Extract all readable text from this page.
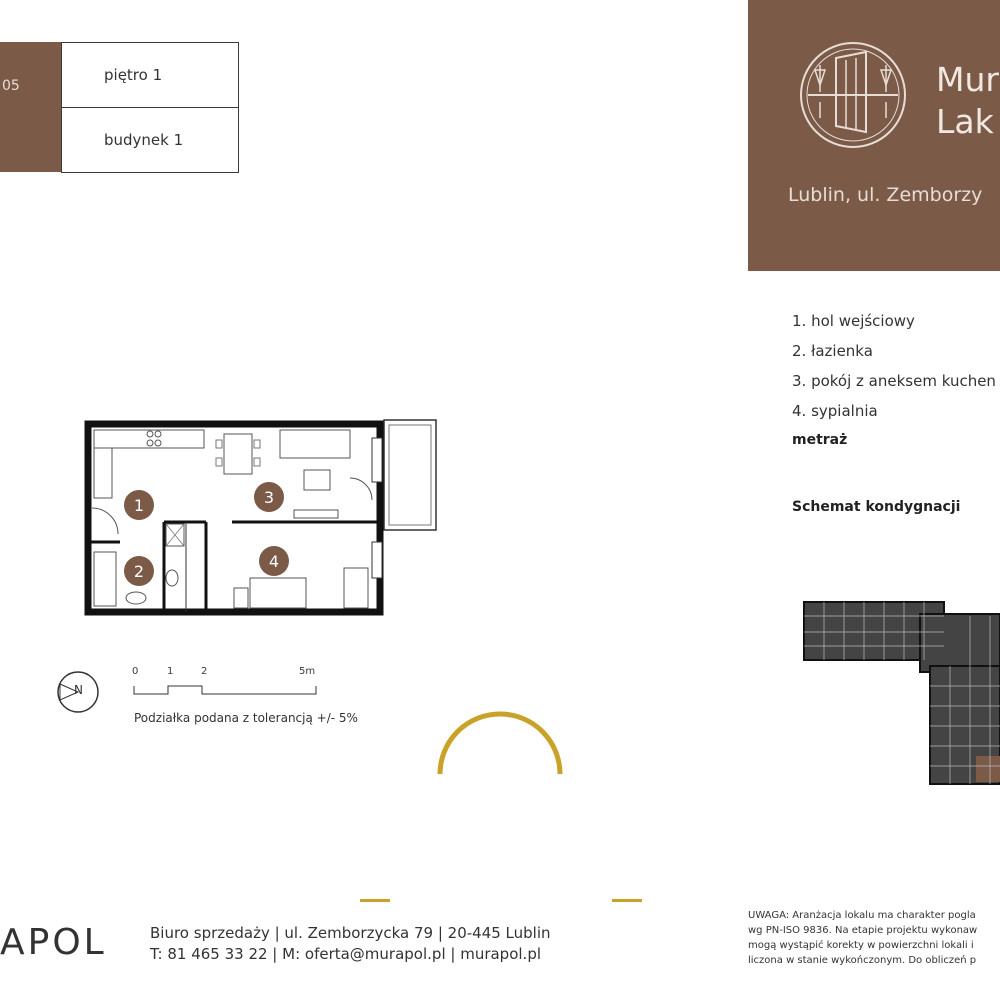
05
piętro 1
budynek 1
Mur
Lak
Lublin, ul. Zemborzy
1. hol wejściowy
2. łazienka
3. pokój z aneksem kuchen
4. sypialnia
metraż
Schemat kondygnacji
1
2
3
4
N
0	1	2	5m
Podziałka podana z tolerancją +/- 5%
APOL	Biuro sprzedaży | ul. Zemborzycka 79 | 20-445 Lublin
T: 81 465 33 22 | M: oferta@murapol.pl | murapol.pl
UWAGA: Aranżacja lokalu ma charakter pogla
wg PN-ISO 9836. Na etapie projektu wykonaw
mogą wystąpić korekty w powierzchni lokali i
liczona w stanie wykończonym. Do obliczeń p
